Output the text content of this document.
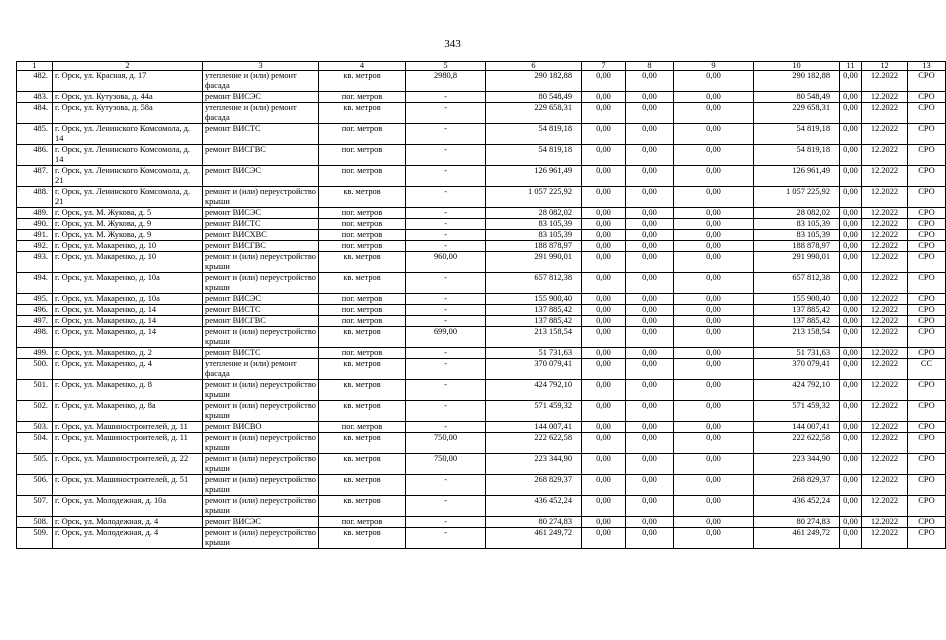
343
1	2	3	4	5	6	7	8	9	10	11	12	13
482.	г. Орск, ул. Красная, д. 17	утепление и (или) ремонт фасада	кв. метров	2980,8	290 182,88	0,00	0,00	0,00	290 182,88	0,00	12.2022	СРО
483.	г. Орск, ул. Кутузова, д. 44а	ремонт ВИСЭС	пог. метров	-	80 548,49	0,00	0,00	0,00	80 548,49	0,00	12.2022	СРО
484.	г. Орск, ул. Кутузова, д. 58а	утепление и (или) ремонт фасада	кв. метров	-	229 658,31	0,00	0,00	0,00	229 658,31	0,00	12.2022	СРО
485.	г. Орск, ул. Ленинского Комсомола, д. 14	ремонт ВИСТС	пог. метров	-	54 819,18	0,00	0,00	0,00	54 819,18	0,00	12.2022	СРО
486.	г. Орск, ул. Ленинского Комсомола, д. 14	ремонт ВИСГВС	пог. метров	-	54 819,18	0,00	0,00	0,00	54 819,18	0,00	12.2022	СРО
487.	г. Орск, ул. Ленинского Комсомола, д. 21	ремонт ВИСЭС	пог. метров	-	126 961,49	0,00	0,00	0,00	126 961,49	0,00	12.2022	СРО
488.	г. Орск, ул. Ленинского Комсомола, д. 21	ремонт и (или) переустройство крыши	кв. метров	-	1 057 225,92	0,00	0,00	0,00	1 057 225,92	0,00	12.2022	СРО
489.	г. Орск, ул. М. Жукова, д. 5	ремонт ВИСЭС	пог. метров	-	28 082,02	0,00	0,00	0,00	28 082,02	0,00	12.2022	СРО
490.	г. Орск, ул. М. Жукова, д. 9	ремонт ВИСТС	пог. метров	-	83 105,39	0,00	0,00	0,00	83 105,39	0,00	12.2022	СРО
491.	г. Орск, ул. М. Жукова, д. 9	ремонт ВИСХВС	пог. метров	-	83 105,39	0,00	0,00	0,00	83 105,39	0,00	12.2022	СРО
492.	г. Орск, ул. Макаренко, д. 10	ремонт ВИСГВС	пог. метров	-	188 878,97	0,00	0,00	0,00	188 878,97	0,00	12.2022	СРО
493.	г. Орск, ул. Макаренко, д. 10	ремонт и (или) переустройство крыши	кв. метров	960,00	291 990,01	0,00	0,00	0,00	291 990,01	0,00	12.2022	СРО
494.	г. Орск, ул. Макаренко, д. 10а	ремонт и (или) переустройство крыши	кв. метров	-	657 812,38	0,00	0,00	0,00	657 812,38	0,00	12.2022	СРО
495.	г. Орск, ул. Макаренко, д. 10а	ремонт ВИСЭС	пог. метров	-	155 900,40	0,00	0,00	0,00	155 900,40	0,00	12.2022	СРО
496.	г. Орск, ул. Макаренко, д. 14	ремонт ВИСТС	пог. метров	-	137 885,42	0,00	0,00	0,00	137 885,42	0,00	12.2022	СРО
497.	г. Орск, ул. Макаренко, д. 14	ремонт ВИСГВС	пог. метров	-	137 885,42	0,00	0,00	0,00	137 885,42	0,00	12.2022	СРО
498.	г. Орск, ул. Макаренко, д. 14	ремонт и (или) переустройство крыши	кв. метров	699,00	213 158,54	0,00	0,00	0,00	213 158,54	0,00	12.2022	СРО
499.	г. Орск, ул. Макаренко, д. 2	ремонт ВИСТС	пог. метров	-	51 731,63	0,00	0,00	0,00	51 731,63	0,00	12.2022	СРО
500.	г. Орск, ул. Макаренко, д. 4	утепление и (или) ремонт фасада	кв. метров	-	370 079,41	0,00	0,00	0,00	370 079,41	0,00	12.2022	СС
501.	г. Орск, ул. Макаренко, д. 8	ремонт и (или) переустройство крыши	кв. метров	-	424 792,10	0,00	0,00	0,00	424 792,10	0,00	12.2022	СРО
502.	г. Орск, ул. Макаренко, д. 8а	ремонт и (или) переустройство крыши	кв. метров	-	571 459,32	0,00	0,00	0,00	571 459,32	0,00	12.2022	СРО
503.	г. Орск, ул. Машиностроителей, д. 11	ремонт ВИСВО	пог. метров	-	144 007,41	0,00	0,00	0,00	144 007,41	0,00	12.2022	СРО
504.	г. Орск, ул. Машиностроителей, д. 11	ремонт и (или) переустройство крыши	кв. метров	750,00	222 622,58	0,00	0,00	0,00	222 622,58	0,00	12.2022	СРО
505.	г. Орск, ул. Машиностроителей, д. 22	ремонт и (или) переустройство крыши	кв. метров	750,00	223 344,90	0,00	0,00	0,00	223 344,90	0,00	12.2022	СРО
506.	г. Орск, ул. Машиностроителей, д. 51	ремонт и (или) переустройство крыши	кв. метров	-	268 829,37	0,00	0,00	0,00	268 829,37	0,00	12.2022	СРО
507.	г. Орск, ул. Молодежная, д. 10а	ремонт и (или) переустройство крыши	кв. метров	-	436 452,24	0,00	0,00	0,00	436 452,24	0,00	12.2022	СРО
508.	г. Орск, ул. Молодежная, д. 4	ремонт ВИСЭС	пог. метров	-	80 274,83	0,00	0,00	0,00	80 274,83	0,00	12.2022	СРО
509.	г. Орск, ул. Молодежная, д. 4	ремонт и (или) переустройство крыши	кв. метров	-	461 249,72	0,00	0,00	0,00	461 249,72	0,00	12.2022	СРО
